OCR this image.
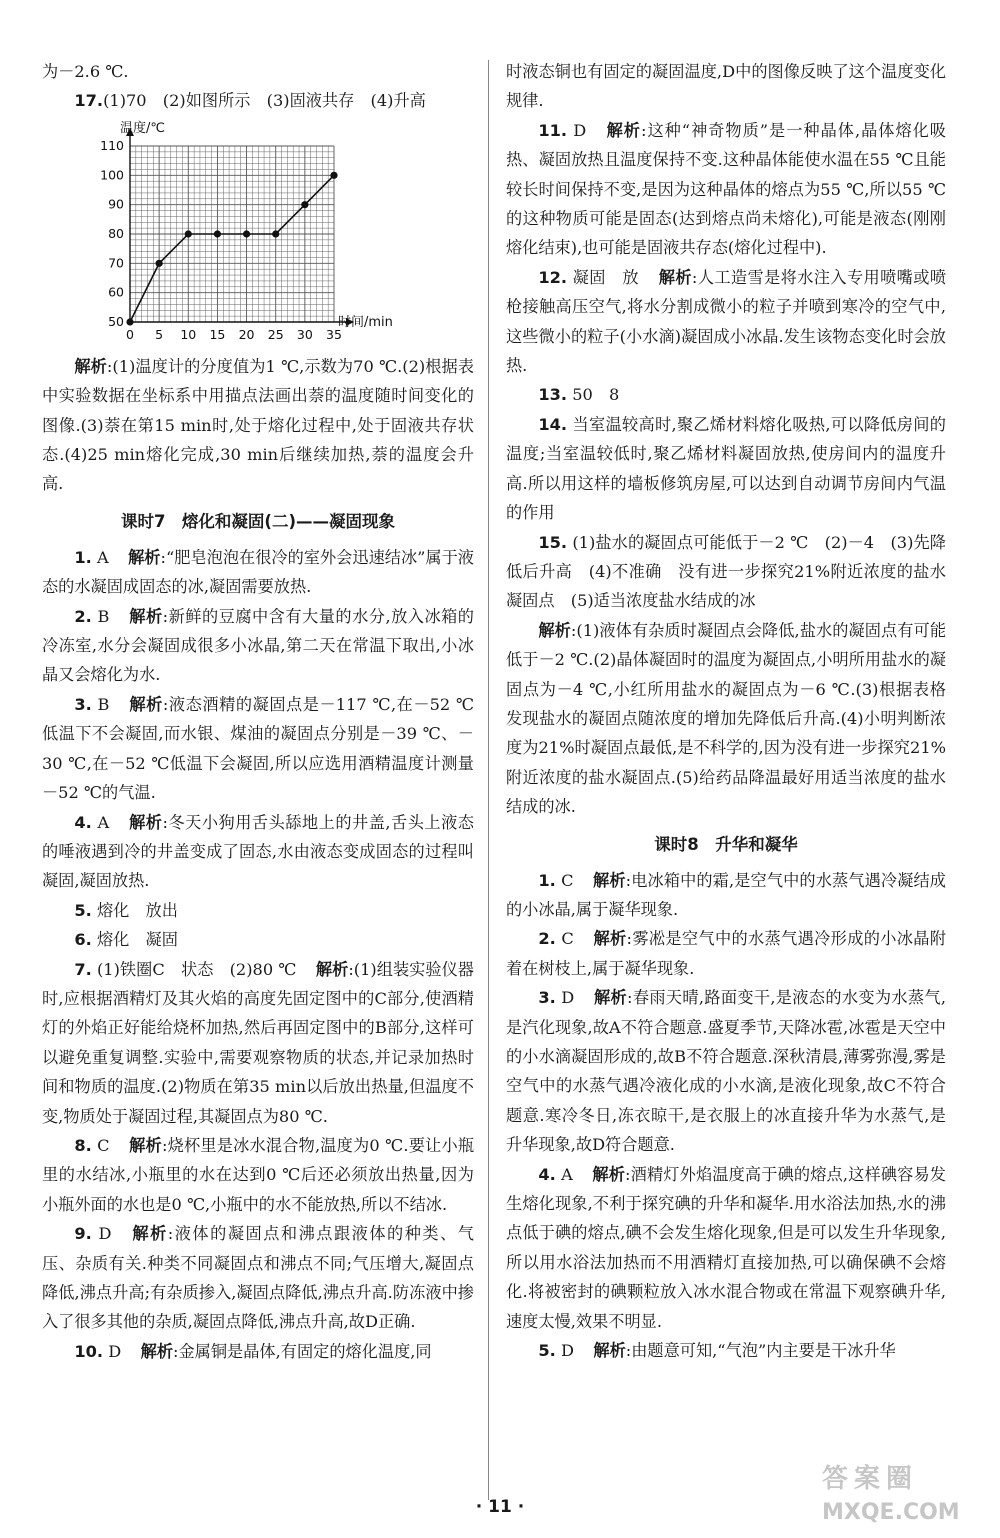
为－2.6 ℃.

17.(1)70　(2)如图所示　(3)固液共存　(4)升高

温度/℃
时间/min
0 5 10 15 20 25 30 35
50
60
70
80
90
100
110

解析:(1)温度计的分度值为1 ℃,示数为70 ℃.(2)根据表中实验数据在坐标系中用描点法画出萘的温度随时间变化的图像.(3)萘在第15 min时,处于熔化过程中,处于固液共存状态.(4)25 min熔化完成,30 min后继续加热,萘的温度会升高.

课时7　熔化和凝固(二)——凝固现象

1. A 解析:“肥皂泡泡在很冷的室外会迅速结冰”属于液态的水凝固成固态的冰,凝固需要放热.

2. B 解析:新鲜的豆腐中含有大量的水分,放入冰箱的冷冻室,水分会凝固成很多小冰晶,第二天在常温下取出,小冰晶又会熔化为水.

3. B 解析:液态酒精的凝固点是－117 ℃,在－52 ℃低温下不会凝固,而水银、煤油的凝固点分别是－39 ℃、－30 ℃,在－52 ℃低温下会凝固,所以应选用酒精温度计测量－52 ℃的气温.

4. A 解析:冬天小狗用舌头舔地上的井盖,舌头上液态的唾液遇到冷的井盖变成了固态,水由液态变成固态的过程叫凝固,凝固放热.

5. 熔化　放出

6. 熔化　凝固

7. (1)铁圈C　状态　(2)80 ℃ 解析:(1)组装实验仪器时,应根据酒精灯及其火焰的高度先固定图中的C部分,使酒精灯的外焰正好能给烧杯加热,然后再固定图中的B部分,这样可以避免重复调整.实验中,需要观察物质的状态,并记录加热时间和物质的温度.(2)物质在第35 min以后放出热量,但温度不变,物质处于凝固过程,其凝固点为80 ℃.

8. C 解析:烧杯里是冰水混合物,温度为0 ℃.要让小瓶里的水结冰,小瓶里的水在达到0 ℃后还必须放出热量,因为小瓶外面的水也是0 ℃,小瓶中的水不能放热,所以不结冰.

9. D 解析:液体的凝固点和沸点跟液体的种类、气压、杂质有关.种类不同凝固点和沸点不同;气压增大,凝固点降低,沸点升高;有杂质掺入,凝固点降低,沸点升高.防冻液中掺入了很多其他的杂质,凝固点降低,沸点升高,故D正确.

10. D 解析:金属铜是晶体,有固定的熔化温度,同

时液态铜也有固定的凝固温度,D中的图像反映了这个温度变化规律.

11. D 解析:这种“神奇物质”是一种晶体,晶体熔化吸热、凝固放热且温度保持不变.这种晶体能使水温在55 ℃且能较长时间保持不变,是因为这种晶体的熔点为55 ℃,所以55 ℃的这种物质可能是固态(达到熔点尚未熔化),可能是液态(刚刚熔化结束),也可能是固液共存态(熔化过程中).

12. 凝固　放 解析:人工造雪是将水注入专用喷嘴或喷枪接触高压空气,将水分割成微小的粒子并喷到寒冷的空气中,这些微小的粒子(小水滴)凝固成小冰晶.发生该物态变化时会放热.

13. 50　8

14. 当室温较高时,聚乙烯材料熔化吸热,可以降低房间的温度;当室温较低时,聚乙烯材料凝固放热,使房间内的温度升高.所以用这样的墙板修筑房屋,可以达到自动调节房间内气温的作用

15. (1)盐水的凝固点可能低于－2 ℃　(2)－4　(3)先降低后升高　(4)不准确　没有进一步探究21%附近浓度的盐水凝固点　(5)适当浓度盐水结成的冰

解析:(1)液体有杂质时凝固点会降低,盐水的凝固点有可能低于－2 ℃.(2)晶体凝固时的温度为凝固点,小明所用盐水的凝固点为－4 ℃,小红所用盐水的凝固点为－6 ℃.(3)根据表格发现盐水的凝固点随浓度的增加先降低后升高.(4)小明判断浓度为21%时凝固点最低,是不科学的,因为没有进一步探究21%附近浓度的盐水凝固点.(5)给药品降温最好用适当浓度的盐水结成的冰.

课时8　升华和凝华

1. C 解析:电冰箱中的霜,是空气中的水蒸气遇冷凝结成的小冰晶,属于凝华现象.

2. C 解析:雾凇是空气中的水蒸气遇冷形成的小冰晶附着在树枝上,属于凝华现象.

3. D 解析:春雨天晴,路面变干,是液态的水变为水蒸气,是汽化现象,故A不符合题意.盛夏季节,天降冰雹,冰雹是天空中的小水滴凝固形成的,故B不符合题意.深秋清晨,薄雾弥漫,雾是空气中的水蒸气遇冷液化成的小水滴,是液化现象,故C不符合题意.寒冷冬日,冻衣晾干,是衣服上的冰直接升华为水蒸气,是升华现象,故D符合题意.

4. A 解析:酒精灯外焰温度高于碘的熔点,这样碘容易发生熔化现象,不利于探究碘的升华和凝华.用水浴法加热,水的沸点低于碘的熔点,碘不会发生熔化现象,但是可以发生升华现象,所以用水浴法加热而不用酒精灯直接加热,可以确保碘不会熔化.将被密封的碘颗粒放入冰水混合物或在常温下观察碘升华,速度太慢,效果不明显.

5. D 解析:由题意可知,“气泡”内主要是干冰升华

· 11 ·
答案圈
MXQE.COM
